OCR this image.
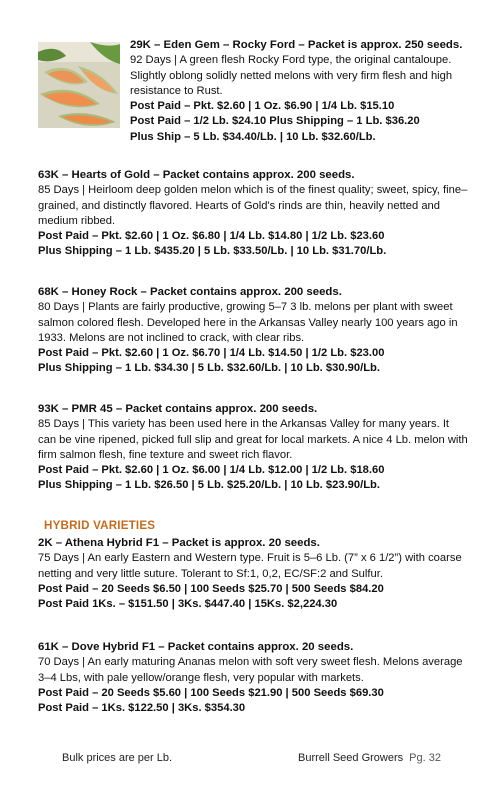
29K – Eden Gem – Rocky Ford – Packet is approx. 250 seeds.
92 Days | A green flesh Rocky Ford type, the original cantaloupe. Slightly oblong solidly netted melons with very firm flesh and high resistance to Rust.
Post Paid – Pkt. $2.60 | 1 Oz. $6.90 | 1/4 Lb. $15.10
Post Paid – 1/2 Lb. $24.10 Plus Shipping – 1 Lb. $36.20
Plus Ship – 5 Lb. $34.40/Lb. | 10 Lb. $32.60/Lb.
63K – Hearts of Gold – Packet contains approx. 200 seeds.
85 Days | Heirloom deep golden melon which is of the finest quality; sweet, spicy, fine–grained, and distinctly flavored. Hearts of Gold's rinds are thin, heavily netted and medium ribbed.
Post Paid – Pkt. $2.60 | 1 Oz. $6.80 | 1/4 Lb. $14.80 | 1/2 Lb. $23.60
Plus Shipping – 1 Lb. $435.20 | 5 Lb. $33.50/Lb. | 10 Lb. $31.70/Lb.
68K – Honey Rock – Packet contains approx. 200 seeds.
80 Days | Plants are fairly productive, growing 5–7 3 lb. melons per plant with sweet salmon colored flesh. Developed here in the Arkansas Valley nearly 100 years ago in 1933. Melons are not inclined to crack, with clear ribs.
Post Paid – Pkt. $2.60 | 1 Oz. $6.70 | 1/4 Lb. $14.50 | 1/2 Lb. $23.00
Plus Shipping – 1 Lb. $34.30 | 5 Lb. $32.60/Lb. | 10 Lb. $30.90/Lb.
93K – PMR 45 – Packet contains approx. 200 seeds.
85 Days | This variety has been used here in the Arkansas Valley for many years. It can be vine ripened, picked full slip and great for local markets. A nice 4 Lb. melon with firm salmon flesh, fine texture and sweet rich flavor.
Post Paid – Pkt. $2.60 | 1 Oz. $6.00 | 1/4 Lb. $12.00 | 1/2 Lb. $18.60
Plus Shipping – 1 Lb. $26.50 | 5 Lb. $25.20/Lb. | 10 Lb. $23.90/Lb.
HYBRID VARIETIES
2K – Athena Hybrid F1 – Packet is approx. 20 seeds.
75 Days | An early Eastern and Western type. Fruit is 5–6 Lb. (7” x 6 1/2”) with coarse netting and very little suture. Tolerant to Sf:1, 0,2, EC/SF:2 and Sulfur.
Post Paid – 20 Seeds $6.50 | 100 Seeds $25.70 | 500 Seeds $84.20
Post Paid 1Ks. – $151.50 | 3Ks. $447.40 | 15Ks. $2,224.30
61K – Dove Hybrid F1 – Packet contains approx. 20 seeds.
70 Days | An early maturing Ananas melon with soft very sweet flesh. Melons average 3–4 Lbs, with pale yellow/orange flesh, very popular with markets.
Post Paid – 20 Seeds $5.60 | 100 Seeds $21.90 | 500 Seeds $69.30
Post Paid – 1Ks. $122.50 | 3Ks. $354.30
Bulk prices are per Lb.	Burrell Seed Growers Pg. 32
